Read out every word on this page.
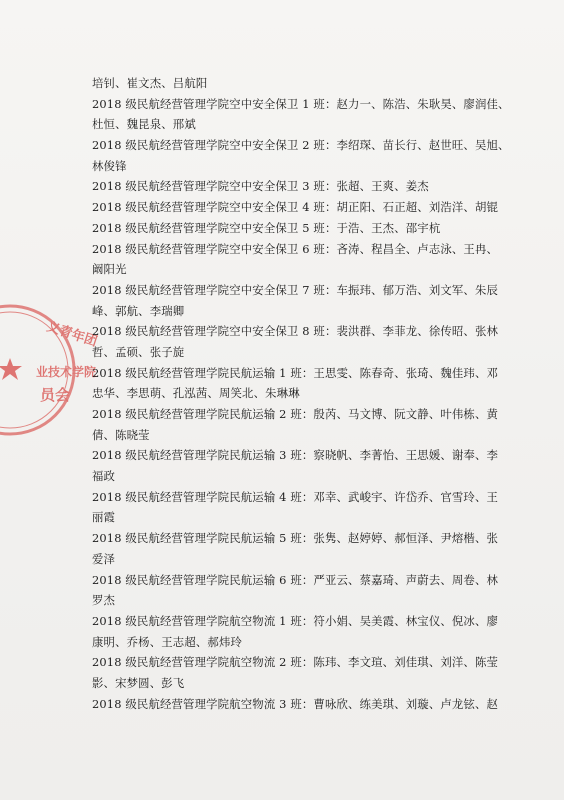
义青年团
业技术学院
员会
培钊、崔文杰、吕航阳
2018 级民航经营管理学院空中安全保卫 1 班：赵力一、陈浩、朱耿昊、廖润佳、
杜恒、魏昆泉、邢斌
2018 级民航经营管理学院空中安全保卫 2 班：李绍琛、苗长行、赵世旺、吴旭、
林俊锋
2018 级民航经营管理学院空中安全保卫 3 班：张超、王爽、姜杰
2018 级民航经营管理学院空中安全保卫 4 班：胡正阳、石正超、刘浩洋、胡锟
2018 级民航经营管理学院空中安全保卫 5 班：于浩、王杰、邵宇杭
2018 级民航经营管理学院空中安全保卫 6 班：吝涛、程昌全、卢志泳、王冉、
阚阳光
2018 级民航经营管理学院空中安全保卫 7 班：车振玮、郁万浩、刘文军、朱辰
峰、郭航、李瑞卿
2018 级民航经营管理学院空中安全保卫 8 班：裴洪群、李菲龙、徐传昭、张林
哲、孟硕、张子旋
2018 级民航经营管理学院民航运输 1 班：王思雯、陈春奇、张琦、魏佳玮、邓
忠华、李思萌、孔泓茜、周笑北、朱琳琳
2018 级民航经营管理学院民航运输 2 班：殷芮、马文博、阮文静、叶伟栋、黄
倩、陈晓莹
2018 级民航经营管理学院民航运输 3 班：察晓帆、李菁怡、王思媛、谢奉、李
福政
2018 级民航经营管理学院民航运输 4 班：邓幸、武峻宇、许岱乔、官雪玲、王
丽霞
2018 级民航经营管理学院民航运输 5 班：张隽、赵婷婷、郝恒泽、尹熔楷、张
爱泽
2018 级民航经营管理学院民航运输 6 班：严亚云、蔡嘉琦、声蔚去、周卷、林
罗杰
2018 级民航经营管理学院航空物流 1 班：符小娟、吴美霞、林宝仪、倪冰、廖
康明、乔杨、王志超、郝炜玲
2018 级民航经营管理学院航空物流 2 班：陈玮、李文瑄、刘佳琪、刘洋、陈莹
影、宋梦圆、彭飞
2018 级民航经营管理学院航空物流 3 班：曹咏欣、练美琪、刘璇、卢龙铉、赵
